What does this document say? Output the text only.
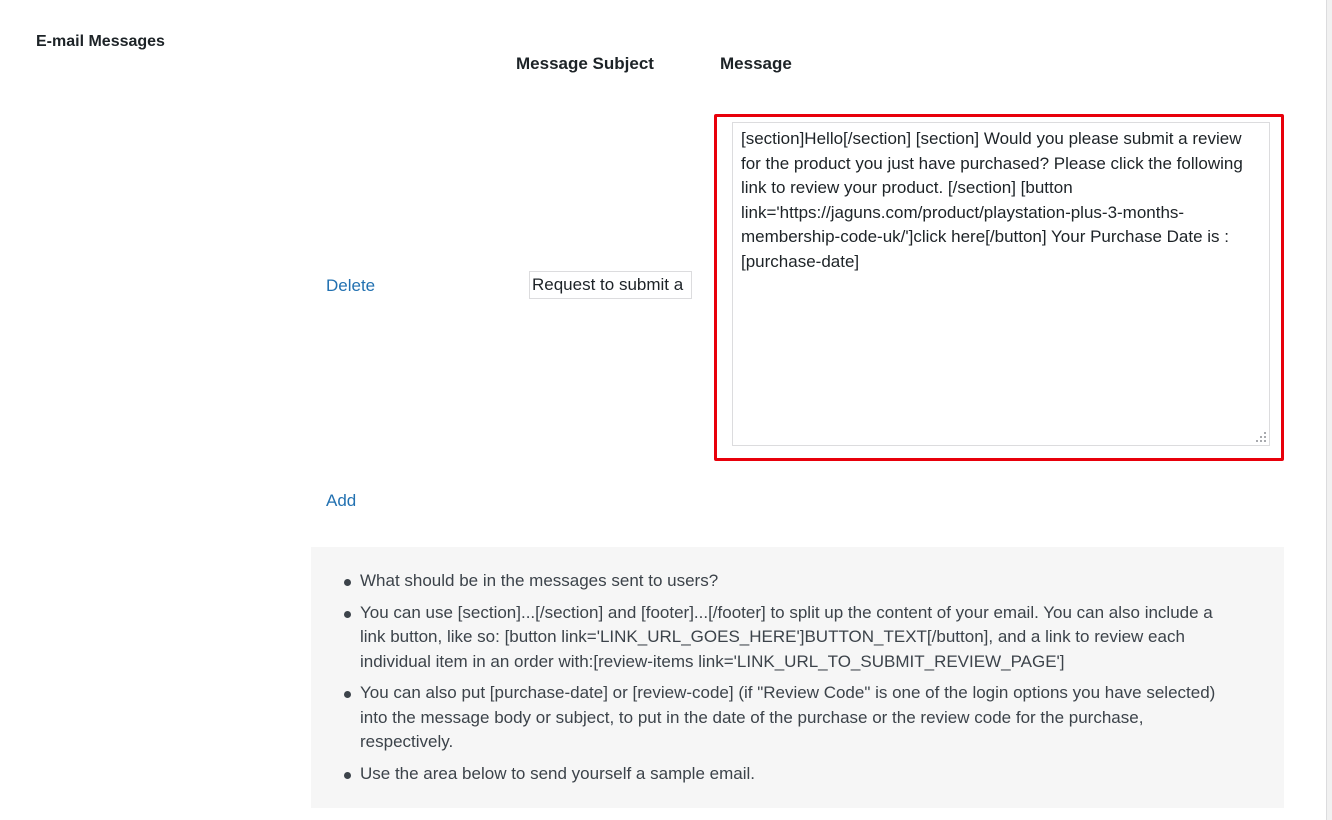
E-mail Messages
Message Subject	Message
Delete
Request to submit a
[section]Hello[/section] [section] Would you please submit a review for the product you just have purchased? Please click the following link to review your product. [/section] [button link='https://jaguns.com/product/playstation-plus-3-months-membership-code-uk/']click here[/button] Your Purchase Date is : [purchase-date]
Add
What should be in the messages sent to users?
You can use [section]...[/section] and [footer]...[/footer] to split up the content of your email. You can also include a link button, like so: [button link='LINK_URL_GOES_HERE']BUTTON_TEXT[/button], and a link to review each individual item in an order with:[review-items link='LINK_URL_TO_SUBMIT_REVIEW_PAGE']
You can also put [purchase-date] or [review-code] (if "Review Code" is one of the login options you have selected) into the message body or subject, to put in the date of the purchase or the review code for the purchase, respectively.
Use the area below to send yourself a sample email.
